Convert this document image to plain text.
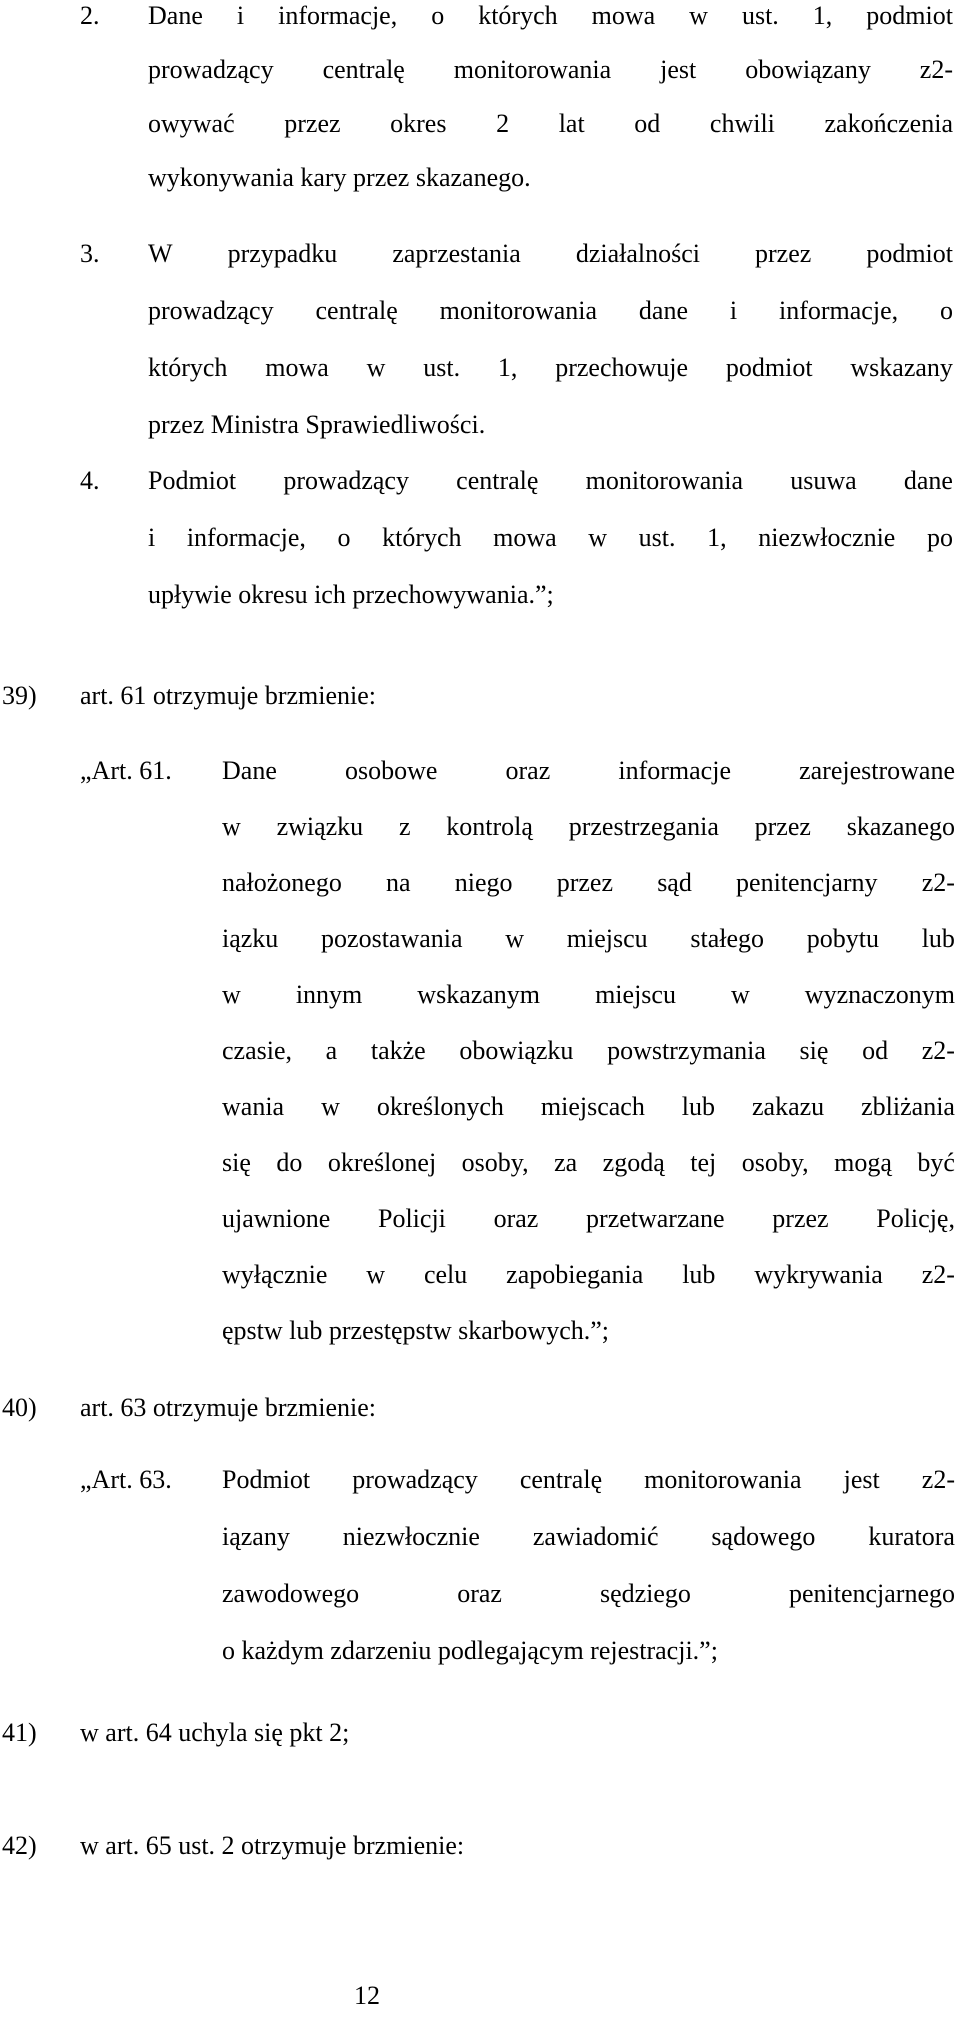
2. Dane i informacje, o których mowa w ust. 1, podmiot
prowadzący centralę monitorowania jest obowiązany z2-
owywać przez okres 2 lat od chwili zakończenia
wykonywania kary przez skazanego.
3. W przypadku zaprzestania działalności przez podmiot
prowadzący centralę monitorowania dane i informacje, o
których mowa w ust. 1, przechowuje podmiot wskazany
przez Ministra Sprawiedliwości.
4. Podmiot prowadzący centralę monitorowania usuwa dane
i informacje, o których mowa w ust. 1, niezwłocznie po
upływie okresu ich przechowywania.”;
39) art. 61 otrzymuje brzmienie:
„Art. 61. Dane	osobowe	oraz	informacje	zarejestrowane
w związku z kontrolą przestrzegania przez skazanego
nałożonego na niego przez sąd penitencjarny z2-
iązku pozostawania w miejscu stałego pobytu lub
w innym wskazanym miejscu w wyznaczonym
czasie, a także obowiązku powstrzymania się od z2-
wania w określonych miejscach lub zakazu zbliżania
się do określonej osoby, za zgodą tej osoby, mogą być
ujawnione Policji oraz przetwarzane przez Policję,
wyłącznie w celu zapobiegania lub wykrywania z2-
ępstw lub przestępstw skarbowych.”;
40) art. 63 otrzymuje brzmienie:
„Art. 63. Podmiot prowadzący centralę monitorowania jest z2-
iązany niezwłocznie zawiadomić sądowego kuratora
zawodowego	oraz	sędziego	penitencjarnego
o każdym zdarzeniu podlegającym rejestracji.”;
41) w art. 64 uchyla się pkt 2;
42) w art. 65 ust. 2 otrzymuje brzmienie:
12
